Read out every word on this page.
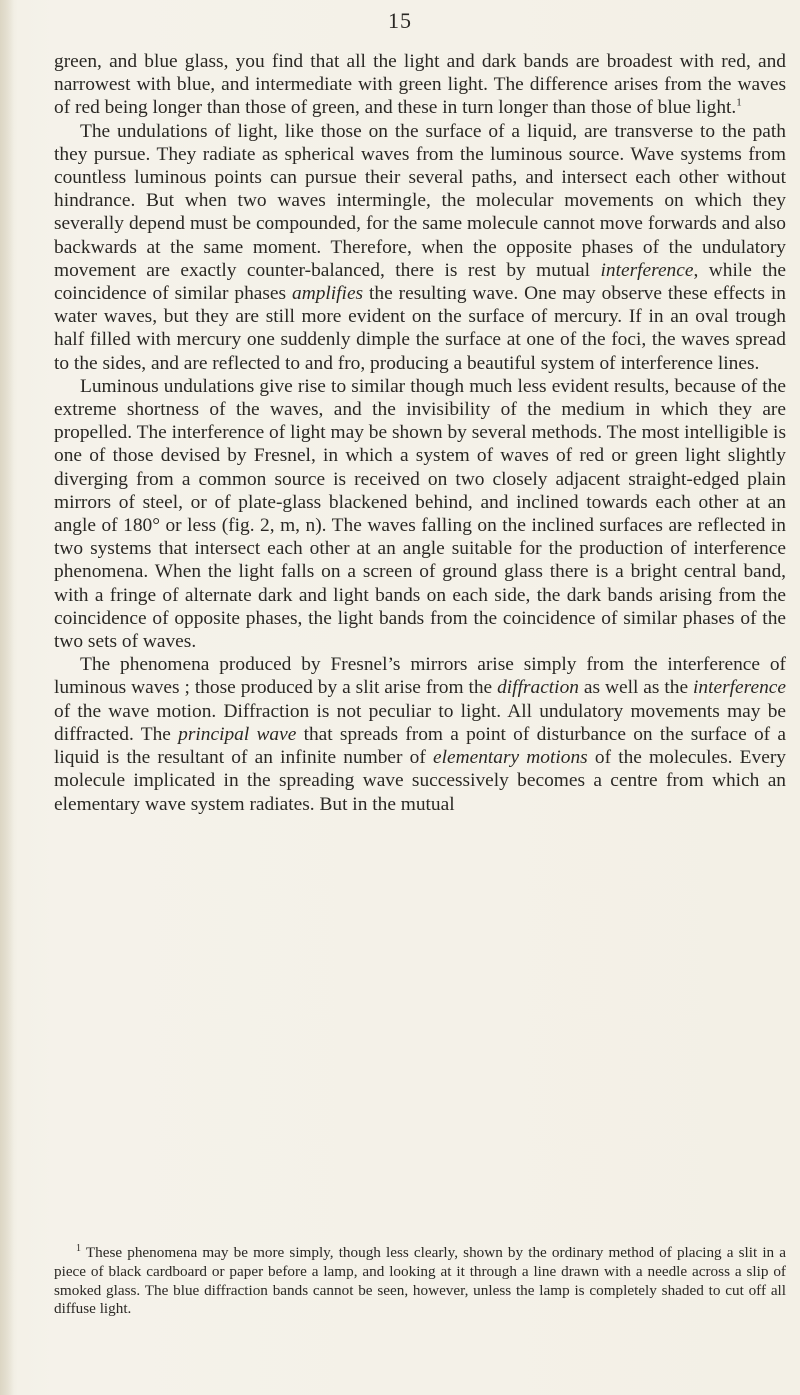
15

green, and blue glass, you find that all the light and dark bands are broadest with red, and narrowest with blue, and intermediate with green light. The difference arises from the waves of red being longer than those of green, and these in turn longer than those of blue light.$^1$

The undulations of light, like those on the surface of a liquid, are transverse to the path they pursue. They radiate as spherical waves from the luminous source. Wave systems from countless luminous points can pursue their several paths, and intersect each other without hindrance. But when two waves intermingle, the molecular movements on which they severally depend must be compounded, for the same molecule cannot move forwards and also backwards at the same moment. Therefore, when the opposite phases of the undulatory movement are exactly counter-balanced, there is rest by mutual interference, while the coincidence of similar phases amplifies the resulting wave. One may observe these effects in water waves, but they are still more evident on the surface of mercury. If in an oval trough half filled with mercury one suddenly dimple the surface at one of the foci, the waves spread to the sides, and are reflected to and fro, producing a beautiful system of interference lines.

Luminous undulations give rise to similar though much less evident results, because of the extreme shortness of the waves, and the invisibility of the medium in which they are propelled. The interference of light may be shown by several methods. The most intelligible is one of those devised by Fresnel, in which a system of waves of red or green light slightly diverging from a common source is received on two closely adjacent straight-edged plain mirrors of steel, or of plate-glass blackened behind, and inclined towards each other at an angle of 180° or less (fig. 2, m, n). The waves falling on the inclined surfaces are reflected in two systems that intersect each other at an angle suitable for the production of interference phenomena. When the light falls on a screen of ground glass there is a bright central band, with a fringe of alternate dark and light bands on each side, the dark bands arising from the coincidence of opposite phases, the light bands from the coincidence of similar phases of the two sets of waves.

The phenomena produced by Fresnel’s mirrors arise simply from the interference of luminous waves ; those produced by a slit arise from the diffraction as well as the interference of the wave motion. Diffraction is not peculiar to light. All undulatory movements may be diffracted. The principal wave that spreads from a point of disturbance on the surface of a liquid is the resultant of an infinite number of elementary motions of the molecules. Every molecule implicated in the spreading wave successively becomes a centre from which an elementary wave system radiates. But in the mutual

$^1$ These phenomena may be more simply, though less clearly, shown by the ordinary method of placing a slit in a piece of black cardboard or paper before a lamp, and looking at it through a line drawn with a needle across a slip of smoked glass. The blue diffraction bands cannot be seen, however, unless the lamp is completely shaded to cut off all diffuse light.
